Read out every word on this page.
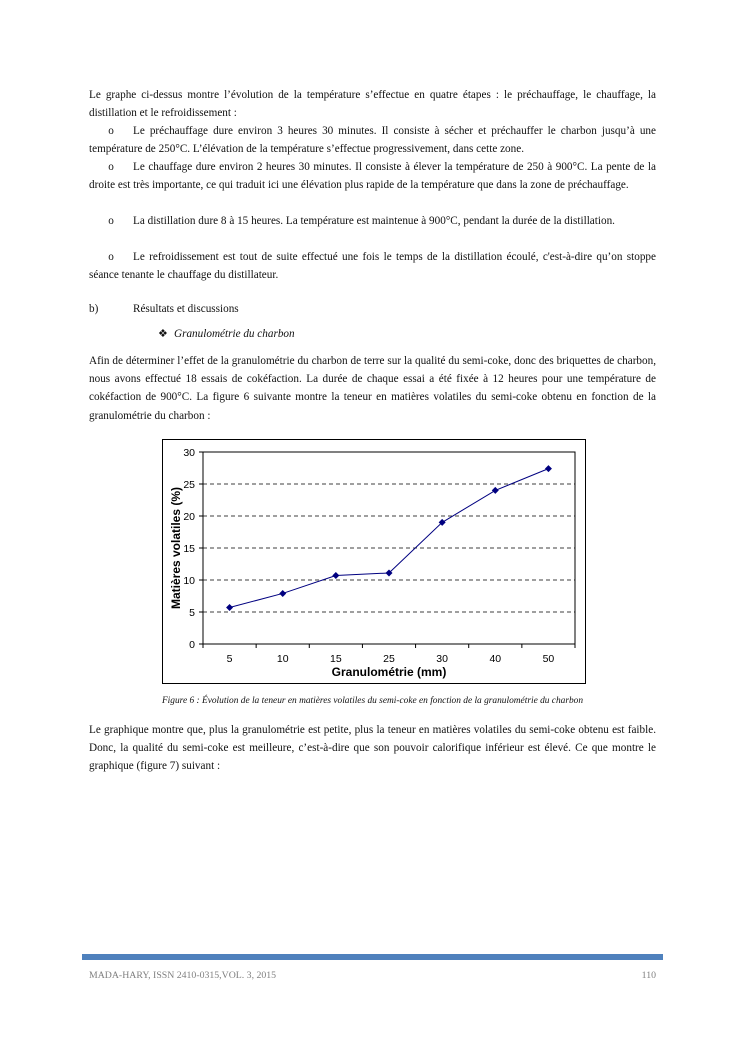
Le graphe ci-dessus montre l’évolution de la température s’effectue en quatre étapes : le préchauffage, le chauffage, la distillation et le refroidissement :

o Le préchauffage dure environ 3 heures 30 minutes. Il consiste à sécher et préchauffer le charbon jusqu’à une température de 250°C. L’élévation de la température s’effectue progressivement, dans cette zone.

o Le chauffage dure environ 2 heures 30 minutes. Il consiste à élever la température de 250 à 900°C. La pente de la droite est très importante, ce qui traduit ici une élévation plus rapide de la température que dans la zone de préchauffage.

o La distillation dure 8 à 15 heures. La température est maintenue à 900°C, pendant la durée de la distillation.

o Le refroidissement est tout de suite effectué une fois le temps de la distillation écoulé, c'est-à-dire qu’on stoppe séance tenante le chauffage du distillateur.

b)	Résultats et discussions
❖ Granulométrie du charbon

Afin de déterminer l’effet de la granulométrie du charbon de terre sur la qualité du semi-coke, donc des briquettes de charbon, nous avons effectué 18 essais de cokéfaction. La durée de chaque essai a été fixée à 12 heures pour une température de cokéfaction de 900°C. La figure 6 suivante montre la teneur en matières volatiles du semi-coke obtenu en fonction de la granulométrie du charbon :

0
5
10
15
20
25
30
5	10	15	25	30	40	50
Granulométrie (mm)
Matières volatiles (%)
Figure 6 : Évolution de la teneur en matières volatiles du semi-coke en fonction de la granulométrie du charbon

Le graphique montre que, plus la granulométrie est petite, plus la teneur en matières volatiles du semi-coke obtenu est faible. Donc, la qualité du semi-coke est meilleure, c’est-à-dire que son pouvoir calorifique inférieur est élevé. Ce que montre le graphique (figure 7) suivant :

MADA-HARY, ISSN 2410-0315,VOL. 3, 2015	110
